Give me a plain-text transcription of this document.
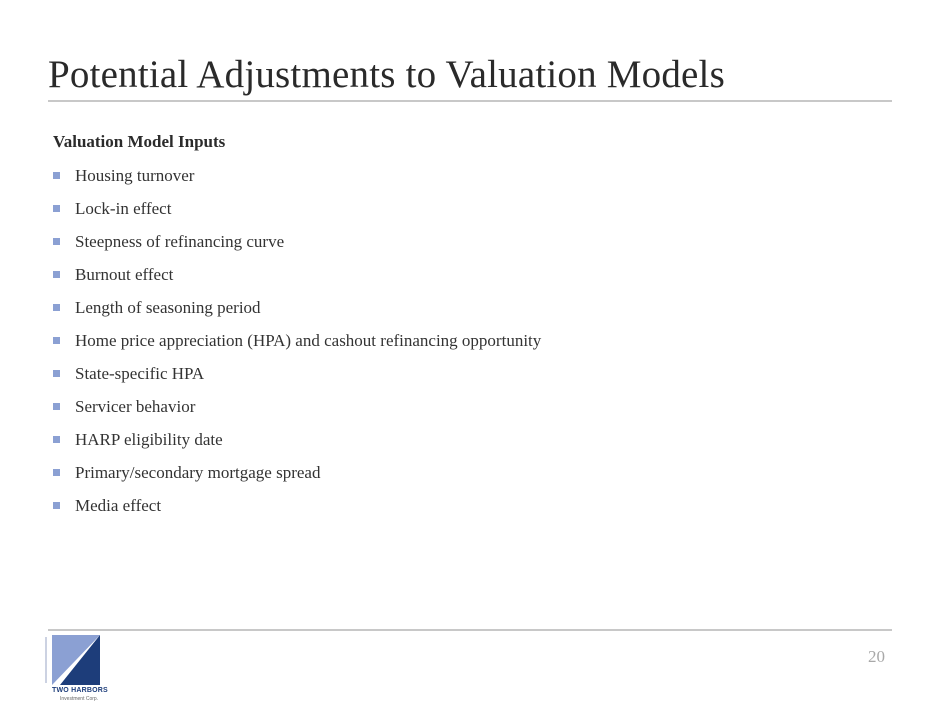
Potential Adjustments to Valuation Models
Valuation Model Inputs
Housing turnover
Lock-in effect
Steepness of refinancing curve
Burnout effect
Length of seasoning period
Home price appreciation (HPA) and cashout refinancing opportunity
State-specific HPA
Servicer behavior
HARP eligibility date
Primary/secondary mortgage spread
Media effect
TWO HARBORS
Investment Corp.
20
